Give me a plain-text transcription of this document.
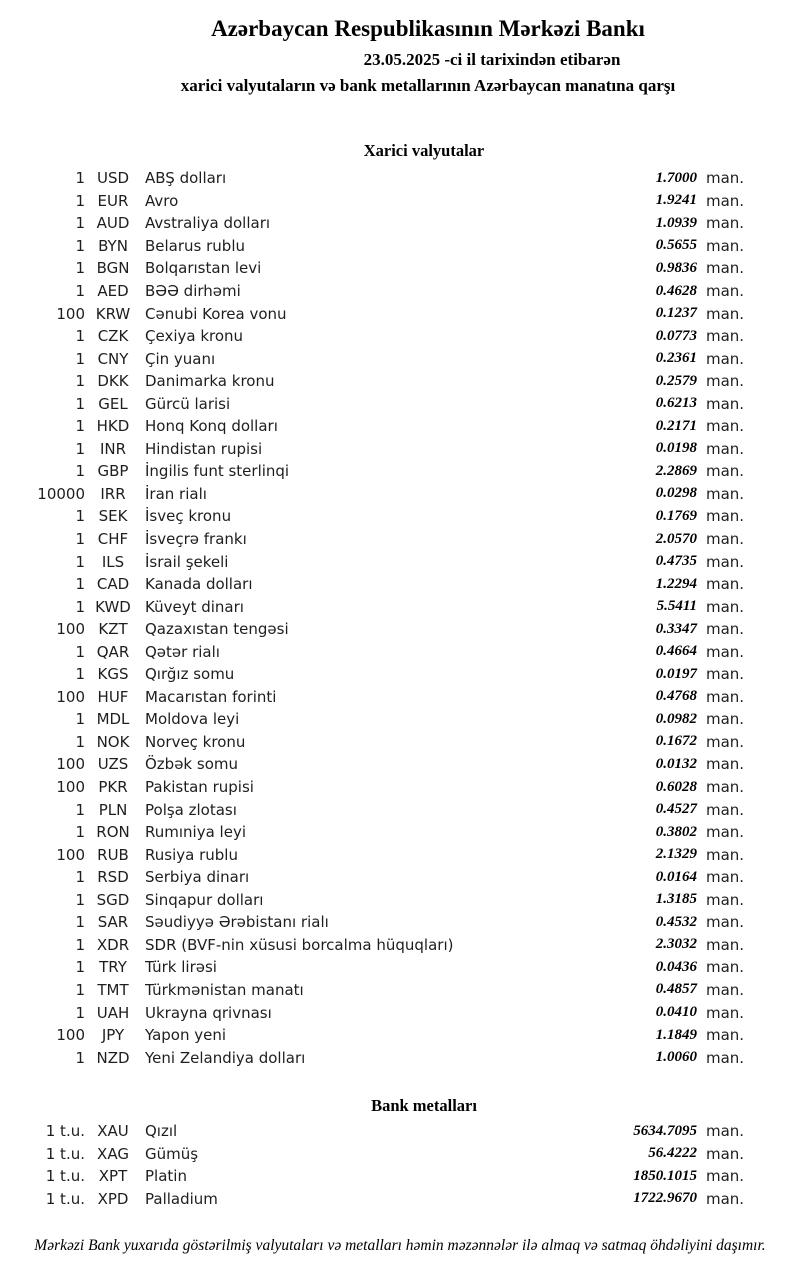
Azərbaycan Respublikasının Mərkəzi Bankı
23.05.2025 -ci il tarixindən etibarən
xarici valyutaların və bank metallarının Azərbaycan manatına qarşı
Xarici valyutalar
1 USD	ABŞ dolları	1.7000 man.
1 EUR	Avro	1.9241 man.
1 AUD	Avstraliya dolları	1.0939 man.
1 BYN	Belarus rublu	0.5655 man.
1 BGN	Bolqarıstan levi	0.9836 man.
1 AED	BƏƏ dirhəmi	0.4628 man.
100 KRW Cənubi Korea vonu	0.1237 man.
1 CZK	Çexiya kronu	0.0773 man.
1 CNY	Çin yuanı	0.2361 man.
1 DKK	Danimarka kronu	0.2579 man.
1 GEL	Gürcü larisi	0.6213 man.
1 HKD	Honq Konq dolları	0.2171 man.
1 INR	Hindistan rupisi	0.0198 man.
1 GBP	İngilis funt sterlinqi	2.2869 man.
10000	IRR	İran rialı	0.0298 man.
1 SEK	İsveç kronu	0.1769 man.
1 CHF	İsveçrə frankı	2.0570 man.
1	ILS	İsrail şekeli	0.4735 man.
1 CAD	Kanada dolları	1.2294 man.
1 KWD Küveyt dinarı	5.5411 man.
100 KZT	Qazaxıstan tengəsi	0.3347 man.
1 QAR	Qətər rialı	0.4664 man.
1 KGS	Qırğız somu	0.0197 man.
100 HUF	Macarıstan forinti	0.4768 man.
1 MDL	Moldova leyi	0.0982 man.
1 NOK	Norveç kronu	0.1672 man.
100 UZS	Özbək somu	0.0132 man.
100 PKR	Pakistan rupisi	0.6028 man.
1 PLN	Polşa zlotası	0.4527 man.
1 RON	Rumıniya leyi	0.3802 man.
100 RUB	Rusiya rublu	2.1329 man.
1 RSD	Serbiya dinarı	0.0164 man.
1 SGD	Sinqapur dolları	1.3185 man.
1 SAR	Səudiyyə Ərəbistanı rialı	0.4532 man.
1 XDR	SDR (BVF-nin xüsusi borcalma hüquqları)	2.3032 man.
1 TRY	Türk lirəsi	0.0436 man.
1 TMT	Türkmənistan manatı	0.4857 man.
1 UAH	Ukrayna qrivnası	0.0410 man.
100	JPY	Yapon yeni	1.1849 man.
1 NZD	Yeni Zelandiya dolları	1.0060 man.
Bank metalları
1 t.u. XAU	Qızıl	5634.7095 man.
1 t.u. XAG	Gümüş	56.4222 man.
1 t.u. XPT	Platin	1850.1015 man.
1 t.u. XPD	Palladium	1722.9670 man.
Mərkəzi Bank yuxarıda göstərilmiş valyutaları və metalları həmin məzənnələr ilə almaq və satmaq öhdəliyini daşımır.
